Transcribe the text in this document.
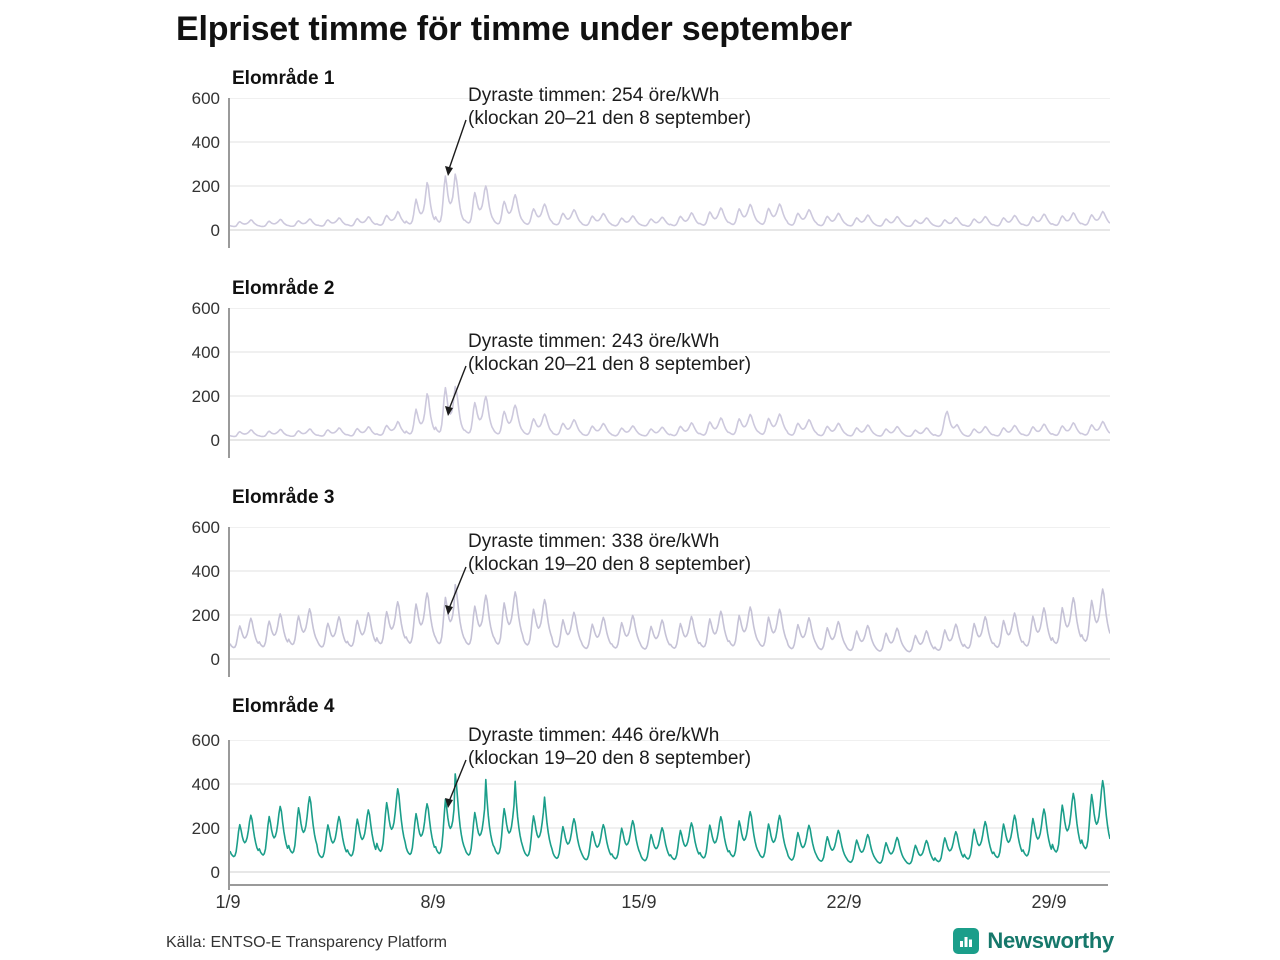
Elpriset timme för timme under september
Elområde 1
600
400
200
0
Dyraste timmen: 254 öre/kWh
(klockan 20–21 den 8 september)
Elområde 2
600
400
200
0
Dyraste timmen: 243 öre/kWh
(klockan 20–21 den 8 september)
Elområde 3
600
400
200
0
Dyraste timmen: 338 öre/kWh
(klockan 19–20 den 8 september)
Elområde 4
600
400
200
0
Dyraste timmen: 446 öre/kWh
(klockan 19–20 den 8 september)
1/9	8/9	15/9	22/9	29/9
Källa: ENTSO-E Transparency Platform	Newsworthy
